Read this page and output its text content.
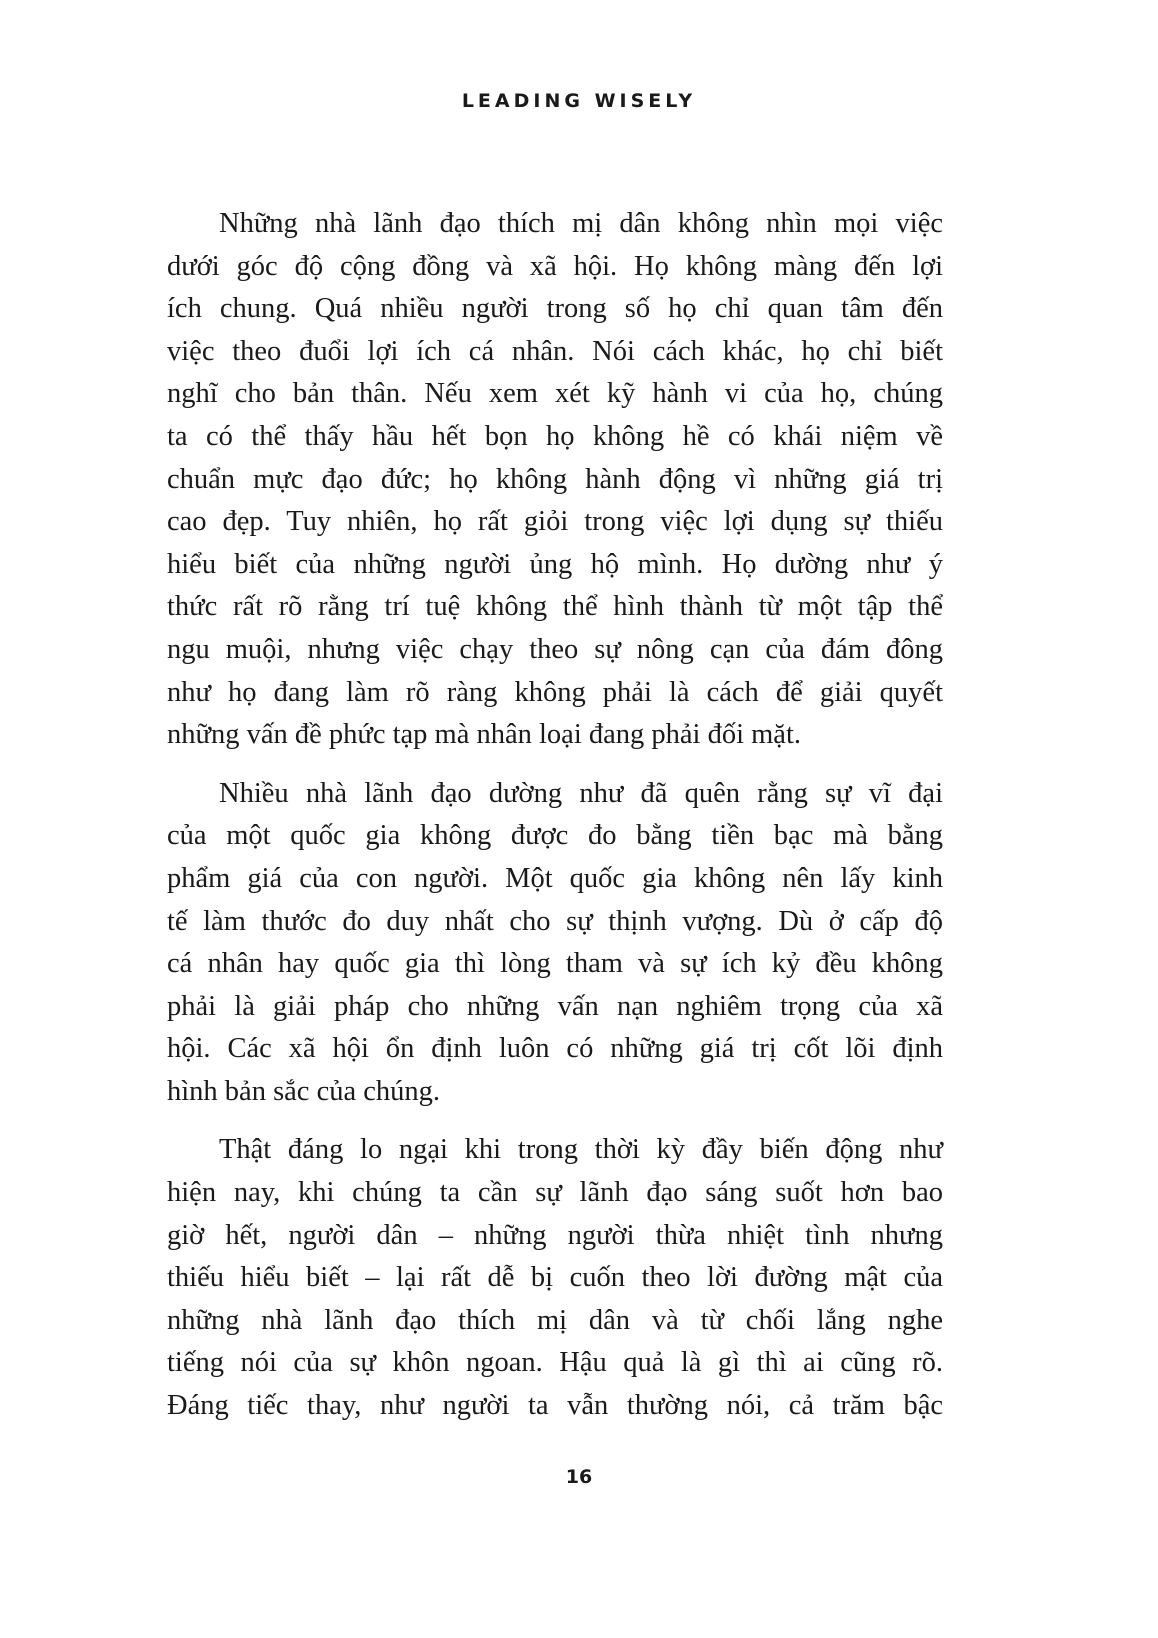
LEADING WISELY
Những nhà lãnh đạo thích mị dân không nhìn mọi việc
dưới góc độ cộng đồng và xã hội. Họ không màng đến lợi
ích chung. Quá nhiều người trong số họ chỉ quan tâm đến
việc theo đuổi lợi ích cá nhân. Nói cách khác, họ chỉ biết
nghĩ cho bản thân. Nếu xem xét kỹ hành vi của họ, chúng
ta có thể thấy hầu hết bọn họ không hề có khái niệm về
chuẩn mực đạo đức; họ không hành động vì những giá trị
cao đẹp. Tuy nhiên, họ rất giỏi trong việc lợi dụng sự thiếu
hiểu biết của những người ủng hộ mình. Họ dường như ý
thức rất rõ rằng trí tuệ không thể hình thành từ một tập thể
ngu muội, nhưng việc chạy theo sự nông cạn của đám đông
như họ đang làm rõ ràng không phải là cách để giải quyết
những vấn đề phức tạp mà nhân loại đang phải đối mặt.
Nhiều nhà lãnh đạo dường như đã quên rằng sự vĩ đại
của một quốc gia không được đo bằng tiền bạc mà bằng
phẩm giá của con người. Một quốc gia không nên lấy kinh
tế làm thước đo duy nhất cho sự thịnh vượng. Dù ở cấp độ
cá nhân hay quốc gia thì lòng tham và sự ích kỷ đều không
phải là giải pháp cho những vấn nạn nghiêm trọng của xã
hội. Các xã hội ổn định luôn có những giá trị cốt lõi định
hình bản sắc của chúng.
Thật đáng lo ngại khi trong thời kỳ đầy biến động như
hiện nay, khi chúng ta cần sự lãnh đạo sáng suốt hơn bao
giờ hết, người dân – những người thừa nhiệt tình nhưng
thiếu hiểu biết – lại rất dễ bị cuốn theo lời đường mật của
những nhà lãnh đạo thích mị dân và từ chối lắng nghe
tiếng nói của sự khôn ngoan. Hậu quả là gì thì ai cũng rõ.
Đáng tiếc thay, như người ta vẫn thường nói, cả trăm bậc
16
